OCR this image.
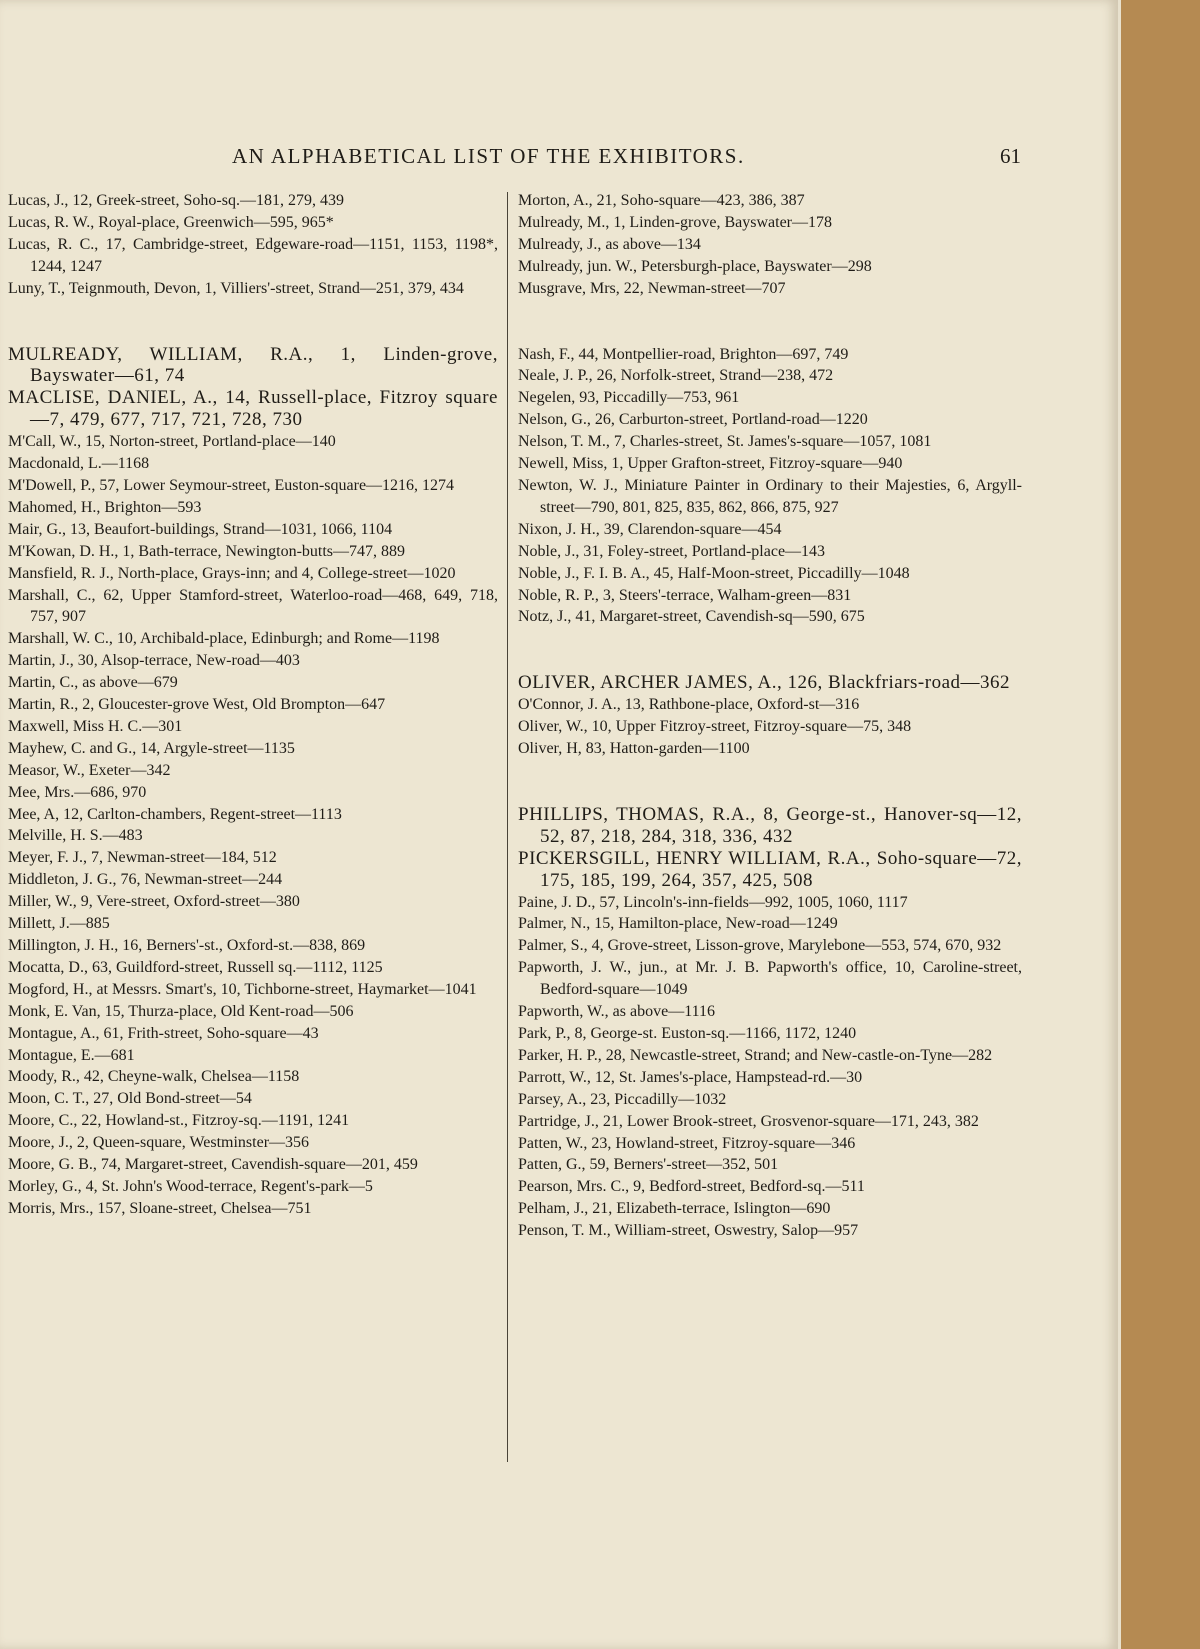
AN ALPHABETICAL LIST OF THE EXHIBITORS.	61

Lucas, J., 12, Greek-street, Soho-sq.—181, 279, 439

Lucas, R. W., Royal-place, Greenwich—595, 965*

Lucas, R. C., 17, Cambridge-street, Edgeware-road—1151, 1153, 1198*, 1244, 1247

Luny, T., Teignmouth, Devon, 1, Villiers'-street, Strand—251, 379, 434

MULREADY, WILLIAM, R.A., 1, Linden-grove, Bayswater—61, 74

MACLISE, DANIEL, A., 14, Russell-place, Fitzroy square—7, 479, 677, 717, 721, 728, 730

M'Call, W., 15, Norton-street, Portland-place—140

Macdonald, L.—1168

M'Dowell, P., 57, Lower Seymour-street, Euston-square—1216, 1274

Mahomed, H., Brighton—593

Mair, G., 13, Beaufort-buildings, Strand—1031, 1066, 1104

M'Kowan, D. H., 1, Bath-terrace, Newington-butts—747, 889

Mansfield, R. J., North-place, Grays-inn; and 4, College-street—1020

Marshall, C., 62, Upper Stamford-street, Waterloo-road—468, 649, 718, 757, 907

Marshall, W. C., 10, Archibald-place, Edinburgh; and Rome—1198

Martin, J., 30, Alsop-terrace, New-road—403

Martin, C., as above—679

Martin, R., 2, Gloucester-grove West, Old Brompton—647

Maxwell, Miss H. C.—301

Mayhew, C. and G., 14, Argyle-street—1135

Measor, W., Exeter—342

Mee, Mrs.—686, 970

Mee, A, 12, Carlton-chambers, Regent-street—1113

Melville, H. S.—483

Meyer, F. J., 7, Newman-street—184, 512

Middleton, J. G., 76, Newman-street—244

Miller, W., 9, Vere-street, Oxford-street—380

Millett, J.—885

Millington, J. H., 16, Berners'-st., Oxford-st.—838, 869

Mocatta, D., 63, Guildford-street, Russell sq.—1112, 1125

Mogford, H., at Messrs. Smart's, 10, Tichborne-street, Haymarket—1041

Monk, E. Van, 15, Thurza-place, Old Kent-road—506

Montague, A., 61, Frith-street, Soho-square—43

Montague, E.—681

Moody, R., 42, Cheyne-walk, Chelsea—1158

Moon, C. T., 27, Old Bond-street—54

Moore, C., 22, Howland-st., Fitzroy-sq.—1191, 1241

Moore, J., 2, Queen-square, Westminster—356

Moore, G. B., 74, Margaret-street, Cavendish-square—201, 459

Morley, G., 4, St. John's Wood-terrace, Regent's-park—5

Morris, Mrs., 157, Sloane-street, Chelsea—751

Morton, A., 21, Soho-square—423, 386, 387

Mulready, M., 1, Linden-grove, Bayswater—178

Mulready, J., as above—134

Mulready, jun. W., Petersburgh-place, Bayswater—298

Musgrave, Mrs, 22, Newman-street—707

Nash, F., 44, Montpellier-road, Brighton—697, 749

Neale, J. P., 26, Norfolk-street, Strand—238, 472

Negelen, 93, Piccadilly—753, 961

Nelson, G., 26, Carburton-street, Portland-road—1220

Nelson, T. M., 7, Charles-street, St. James's-square—1057, 1081

Newell, Miss, 1, Upper Grafton-street, Fitzroy-square—940

Newton, W. J., Miniature Painter in Ordinary to their Majesties, 6, Argyll-street—790, 801, 825, 835, 862, 866, 875, 927

Nixon, J. H., 39, Clarendon-square—454

Noble, J., 31, Foley-street, Portland-place—143

Noble, J., F. I. B. A., 45, Half-Moon-street, Piccadilly—1048

Noble, R. P., 3, Steers'-terrace, Walham-green—831

Notz, J., 41, Margaret-street, Cavendish-sq—590, 675

OLIVER, ARCHER JAMES, A., 126, Blackfriars-road—362

O'Connor, J. A., 13, Rathbone-place, Oxford-st—316

Oliver, W., 10, Upper Fitzroy-street, Fitzroy-square—75, 348

Oliver, H, 83, Hatton-garden—1100

PHILLIPS, THOMAS, R.A., 8, George-st., Hanover-sq—12, 52, 87, 218, 284, 318, 336, 432

PICKERSGILL, HENRY WILLIAM, R.A., Soho-square—72, 175, 185, 199, 264, 357, 425, 508

Paine, J. D., 57, Lincoln's-inn-fields—992, 1005, 1060, 1117

Palmer, N., 15, Hamilton-place, New-road—1249

Palmer, S., 4, Grove-street, Lisson-grove, Marylebone—553, 574, 670, 932

Papworth, J. W., jun., at Mr. J. B. Papworth's office, 10, Caroline-street, Bedford-square—1049

Papworth, W., as above—1116

Park, P., 8, George-st. Euston-sq.—1166, 1172, 1240

Parker, H. P., 28, Newcastle-street, Strand; and New-castle-on-Tyne—282

Parrott, W., 12, St. James's-place, Hampstead-rd.—30

Parsey, A., 23, Piccadilly—1032

Partridge, J., 21, Lower Brook-street, Grosvenor-square—171, 243, 382

Patten, W., 23, Howland-street, Fitzroy-square—346

Patten, G., 59, Berners'-street—352, 501

Pearson, Mrs. C., 9, Bedford-street, Bedford-sq.—511

Pelham, J., 21, Elizabeth-terrace, Islington—690

Penson, T. M., William-street, Oswestry, Salop—957
